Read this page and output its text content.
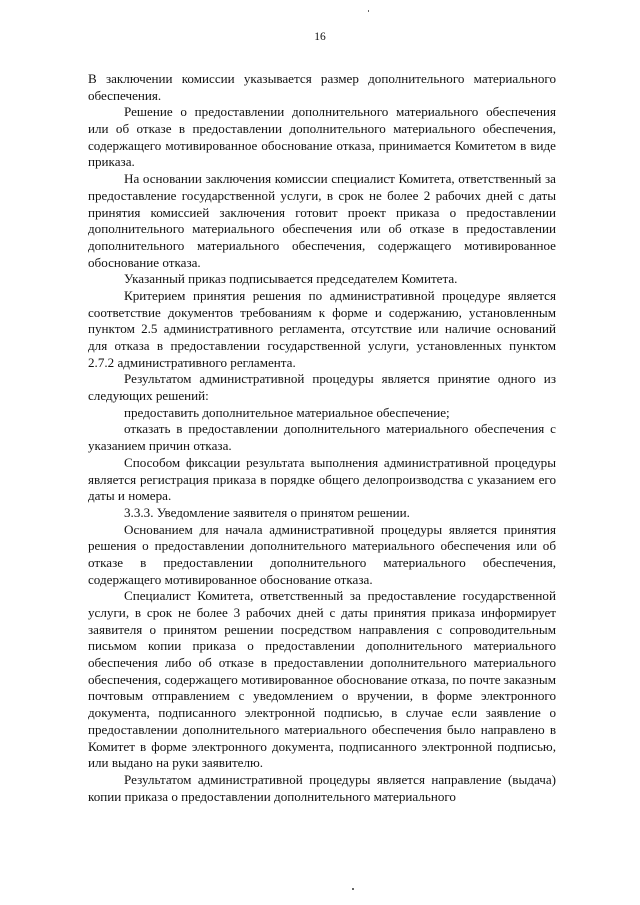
16

В заключении комиссии указывается размер дополнительного материального обеспечения.

Решение о предоставлении дополнительного материального обеспечения или об отказе в предоставлении дополнительного материального обеспечения, содержащего мотивированное обоснование отказа, принимается Комитетом в виде приказа.

На основании заключения комиссии специалист Комитета, ответственный за предоставление государственной услуги, в срок не более 2 рабочих дней с даты принятия комиссией заключения готовит проект приказа о предоставлении дополнительного материального обеспечения или об отказе в предоставлении дополнительного материального обеспечения, содержащего мотивированное обоснование отказа.

Указанный приказ подписывается председателем Комитета.

Критерием принятия решения по административной процедуре является соответствие документов требованиям к форме и содержанию, установленным пунктом 2.5 административного регламента, отсутствие или наличие оснований для отказа в предоставлении государственной услуги, установленных пунктом 2.7.2 административного регламента.

Результатом административной процедуры является принятие одного из следующих решений:

предоставить дополнительное материальное обеспечение;

отказать в предоставлении дополнительного материального обеспечения с указанием причин отказа.

Способом фиксации результата выполнения административной процедуры является регистрация приказа в порядке общего делопроизводства с указанием его даты и номера.

3.3.3. Уведомление заявителя о принятом решении.

Основанием для начала административной процедуры является принятия решения о предоставлении дополнительного материального обеспечения или об отказе в предоставлении дополнительного материального обеспечения, содержащего мотивированное обоснование отказа.

Специалист Комитета, ответственный за предоставление государственной услуги, в срок не более 3 рабочих дней с даты принятия приказа информирует заявителя о принятом решении посредством направления с сопроводительным письмом копии приказа о предоставлении дополнительного материального обеспечения либо об отказе в предоставлении дополнительного материального обеспечения, содержащего мотивированное обоснование отказа, по почте заказным почтовым отправлением с уведомлением о вручении, в форме электронного документа, подписанного электронной подписью, в случае если заявление о предоставлении дополнительного материального обеспечения было направлено в Комитет в форме электронного документа, подписанного электронной подписью, или выдано на руки заявителю.

Результатом административной процедуры является направление (выдача) копии приказа о предоставлении дополнительного материального
